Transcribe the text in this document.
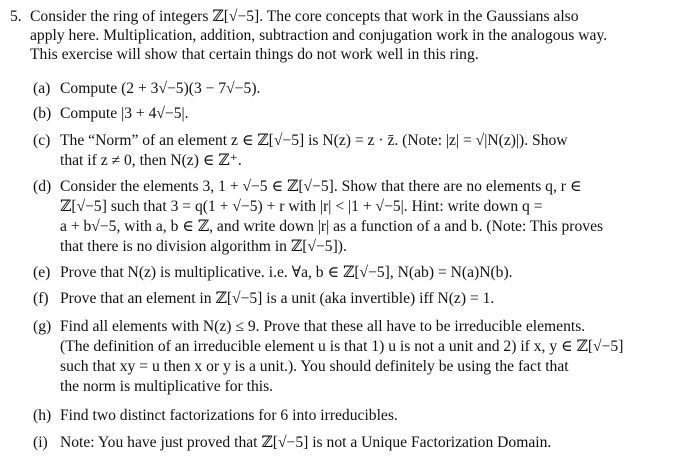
5. Consider the ring of integers ℤ[√−5]. The core concepts that work in the Gaussians also
apply here. Multiplication, addition, subtraction and conjugation work in the analogous way.
This exercise will show that certain things do not work well in this ring.
(a) Compute (2 + 3√−5)(3 − 7√−5).
(b) Compute |3 + 4√−5|.
(c) The “Norm” of an element z ∈ ℤ[√−5] is N(z) = z · z̄. (Note: |z| = √|N(z)|). Show
that if z ≠ 0, then N(z) ∈ ℤ⁺.
(d) Consider the elements 3, 1 + √−5 ∈ ℤ[√−5]. Show that there are no elements q, r ∈
ℤ[√−5] such that 3 = q(1 + √−5) + r with |r| < |1 + √−5|. Hint: write down q =
a + b√−5, with a, b ∈ ℤ, and write down |r| as a function of a and b. (Note: This proves
that there is no division algorithm in ℤ[√−5]).
(e) Prove that N(z) is multiplicative. i.e. ∀a, b ∈ ℤ[√−5], N(ab) = N(a)N(b).
(f) Prove that an element in ℤ[√−5] is a unit (aka invertible) iff N(z) = 1.
(g) Find all elements with N(z) ≤ 9. Prove that these all have to be irreducible elements.
(The definition of an irreducible element u is that 1) u is not a unit and 2) if x, y ∈ ℤ[√−5]
such that xy = u then x or y is a unit.). You should definitely be using the fact that
the norm is multiplicative for this.
(h) Find two distinct factorizations for 6 into irreducibles.
(i) Note: You have just proved that ℤ[√−5] is not a Unique Factorization Domain.
